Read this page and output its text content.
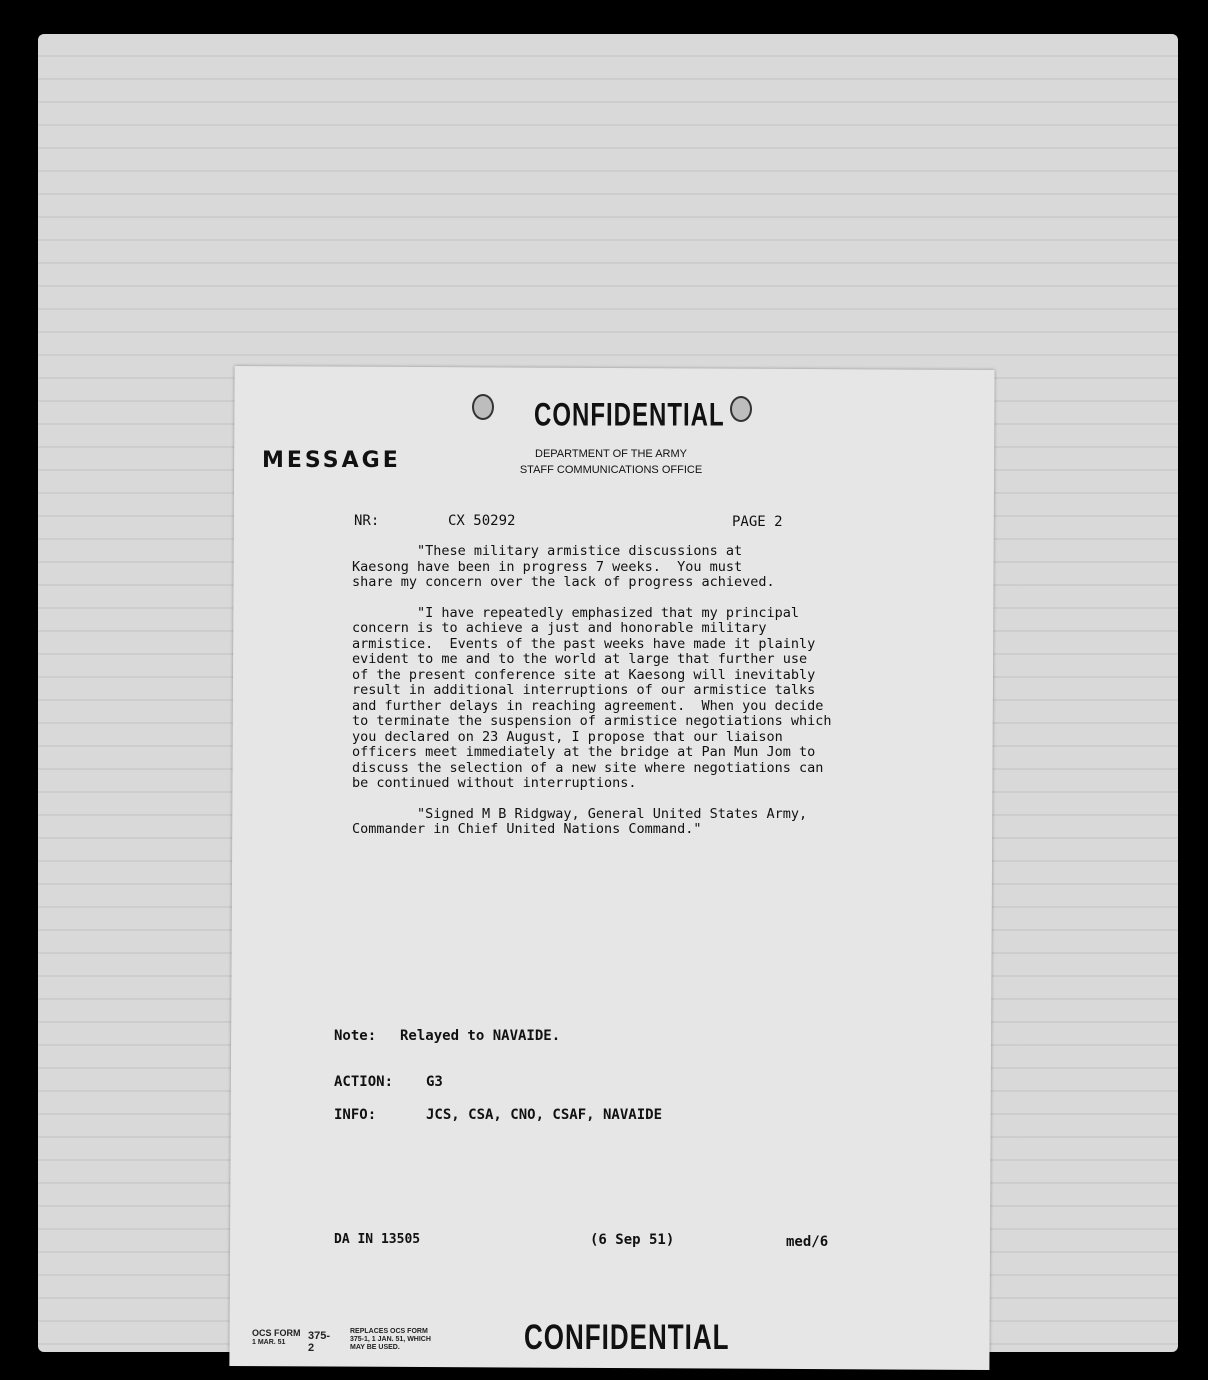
CONFIDENTIAL
MESSAGE	DEPARTMENT OF THE ARMY
STAFF COMMUNICATIONS OFFICE
NR:	CX 50292	PAGE 2

"These military armistice discussions at

Kaesong have been in progress 7 weeks.  You must

share my concern over the lack of progress achieved.

"I have repeatedly emphasized that my principal

concern is to achieve a just and honorable military

armistice.  Events of the past weeks have made it plainly

evident to me and to the world at large that further use

of the present conference site at Kaesong will inevitably

result in additional interruptions of our armistice talks

and further delays in reaching agreement.  When you decide

to terminate the suspension of armistice negotiations which

you declared on 23 August, I propose that our liaison

officers meet immediately at the bridge at Pan Mun Jom to

discuss the selection of a new site where negotiations can

be continued without interruptions.

"Signed M B Ridgway, General United States Army,

Commander in Chief United Nations Command."

Note: Relayed to NAVAIDE.
ACTION: G3
INFO:	JCS, CSA, CNO, CSAF, NAVAIDE
DA IN 13505	(6 Sep 51)	med/6
OCS FORM
1 MAR. 51
375-2
REPLACES OCS FORM
375-1, 1 JAN. 51, WHICH
MAY BE USED.	CONFIDENTIAL
